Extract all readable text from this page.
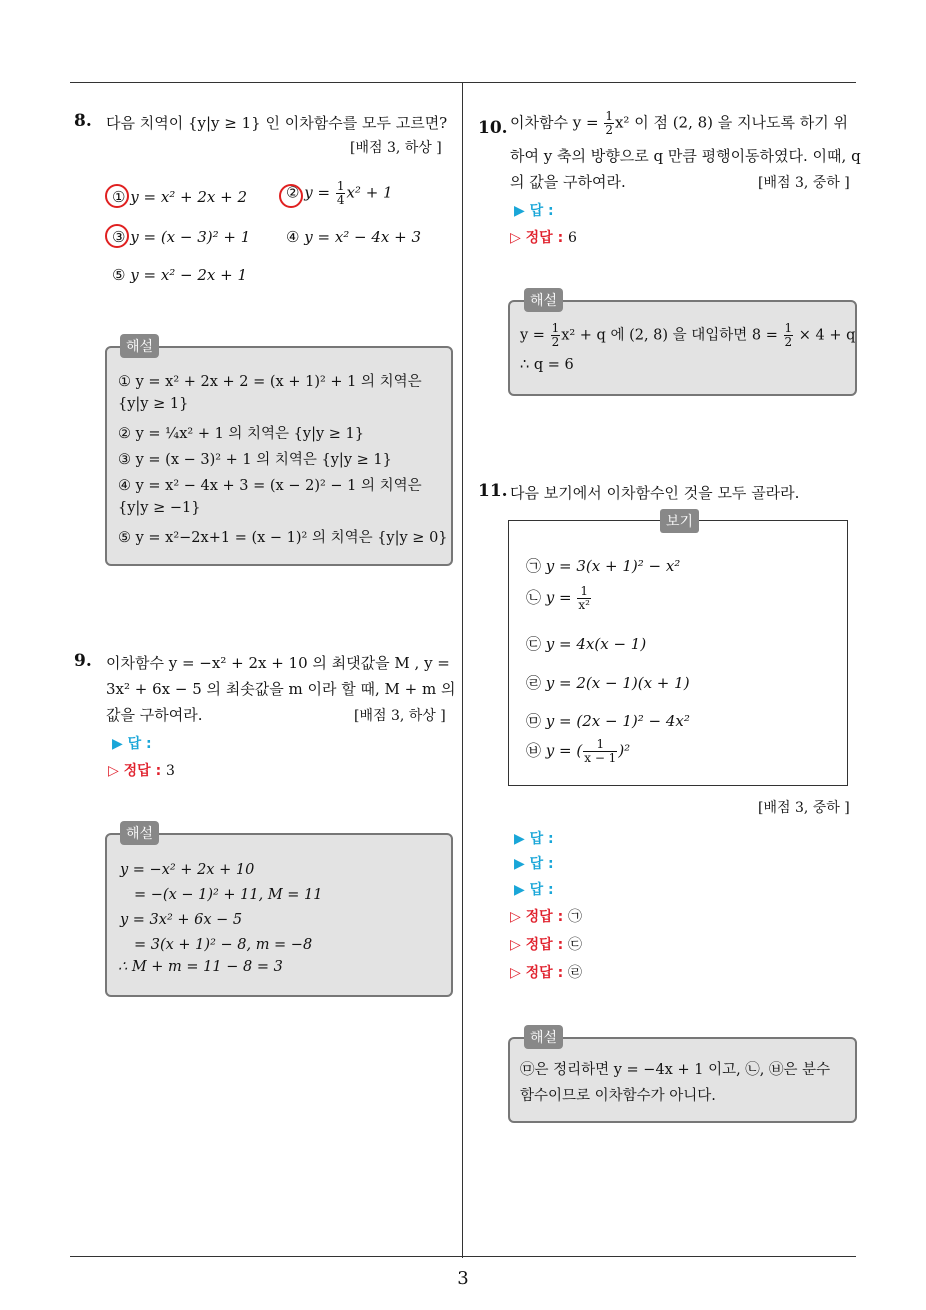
3
8. 다음 치역이 {y|y ≥ 1} 인 이차함수를 모두 고르면?
[배점 3, 하상 ]
① y = x² + 2x + 2	② $y = \frac{1}{4} x^2 + 1$
③ y = (x − 3)² + 1 ④ y = x² − 4x + 3
⑤ y = x² − 2x + 1
해설
① y = x² + 2x + 2 = (x + 1)² + 1 의 치역은
{y|y ≥ 1}
② y = ¼x² + 1 의 치역은 {y|y ≥ 1}
③ y = (x − 3)² + 1 의 치역은 {y|y ≥ 1}
④ y = x² − 4x + 3 = (x − 2)² − 1 의 치역은
{y|y ≥ −1}
⑤ y = x²−2x+1 = (x − 1)² 의 치역은 {y|y ≥ 0}
9. 이차함수 y = −x² + 2x + 10 의 최댓값을 M , y =
3x² + 6x − 5 의 최솟값을 m 이라 할 때, M + m 의
값을 구하여라.	[배점 3, 하상 ]
▶ 답 :
▷ 정답 : 3
해설
y = −x² + 2x + 10
= −(x − 1)² + 11, M = 11
y = 3x² + 6x − 5
= 3(x + 1)² − 8, m = −8
∴ M + m = 11 − 8 = 3
10. 이차함수 $y = \frac{1}{2} x^2$ 이 점 (2, 8) 을 지나도록 하기 위
하여 y 축의 방향으로 q 만큼 평행이동하였다. 이때, q
의 값을 구하여라.	[배점 3, 중하 ]
▶ 답 :
▷ 정답 : 6
해설
$y = \frac{1}{2} x^2 + q$ 에 (2, 8) 을 대입하면 $8 = \frac{1}{2} \times 4 + q$
∴ q = 6
11. 다음 보기에서 이차함수인 것을 모두 골라라.
보기
㉠ y = 3(x + 1)² − x²
㉡ $y = \frac{1}{\text{x²}}$
㉢ y = 4x(x − 1)
㉣ y = 2(x − 1)(x + 1)
㉤ y = (2x − 1)² − 4x²
㉥ y = ( $\frac{1}{x - 1} )^2$
[배점 3, 중하 ]
▶ 답 :
▶ 답 :
▶ 답 :
▷ 정답 : ㉠
▷ 정답 : ㉢
▷ 정답 : ㉣
해설
㉤은 정리하면 y = −4x + 1 이고, ㉡, ㉥은 분수
함수이므로 이차함수가 아니다.
